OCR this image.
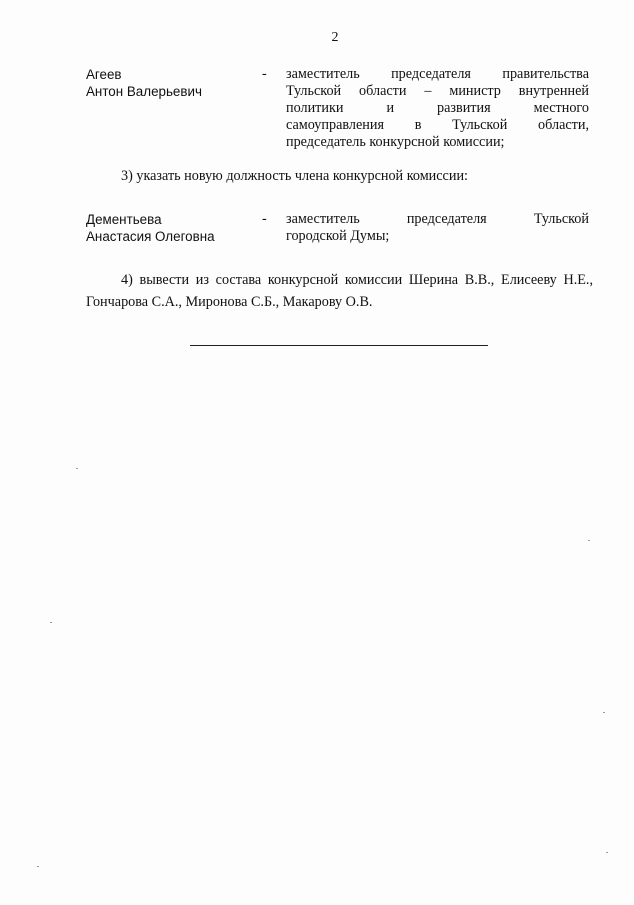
2
Агеев
Антон Валерьевич
- заместитель председателя правительства
Тульской области – министр внутренней
политики и развития местного
самоуправления в Тульской области,
председатель конкурсной комиссии;
3) указать новую должность члена конкурсной комиссии:
Дементьева
Анастасия Олеговна
- заместитель председателя Тульской
городской Думы;
4) вывести из состава конкурсной комиссии Шерина В.В., Елисееву Н.Е., Гончарова С.А., Миронова С.Б., Макарову О.В.
